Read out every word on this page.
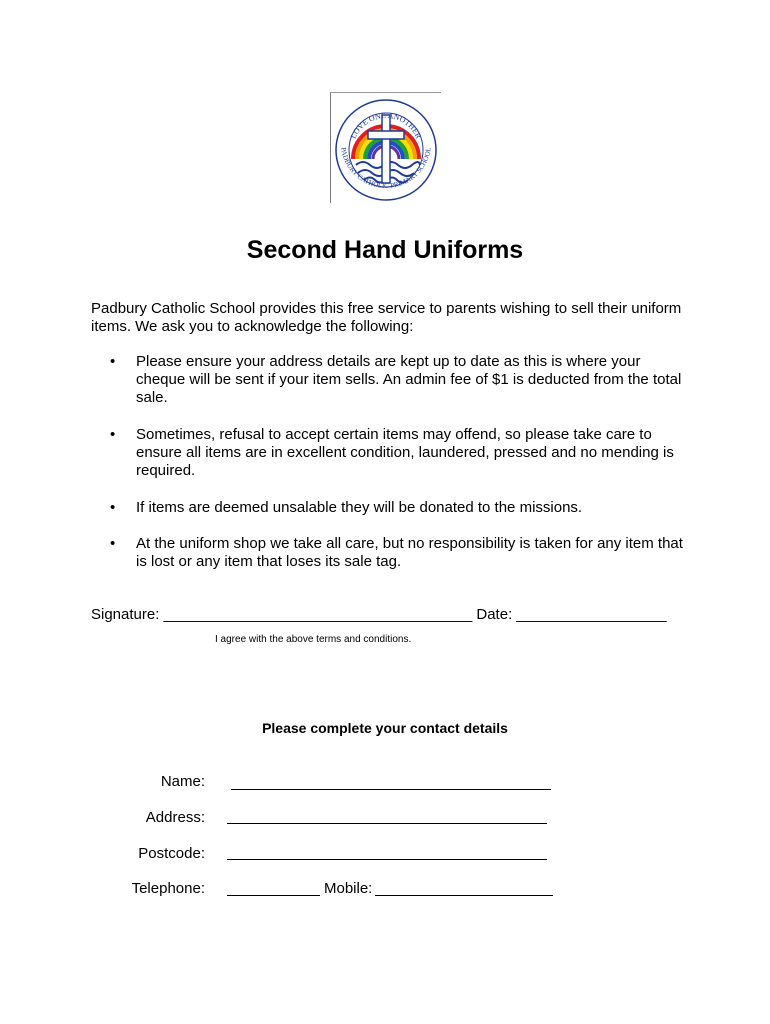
LOVE ONE ANOTHER
PADBURY CATHOLIC PRIMARY SCHOOL
Second Hand Uniforms
Padbury Catholic School provides this free service to parents wishing to sell their uniform items. We ask you to acknowledge the following:
• Please ensure your address details are kept up to date as this is where your cheque will be sent if your item sells. An admin fee of $1 is deducted from the total sale.
• Sometimes, refusal to accept certain items may offend, so please take care to ensure all items are in excellent condition, laundered, pressed and no mending is required.
• If items are deemed unsalable they will be donated to the missions.
• At the uniform shop we take all care, but no responsibility is taken for any item that is lost or any item that loses its sale tag.
Signature: _____________________________________ Date: __________________
I agree with the above terms and conditions.
Please complete your contact details
Name:
Address:
Postcode:
Telephone:	Mobile:
